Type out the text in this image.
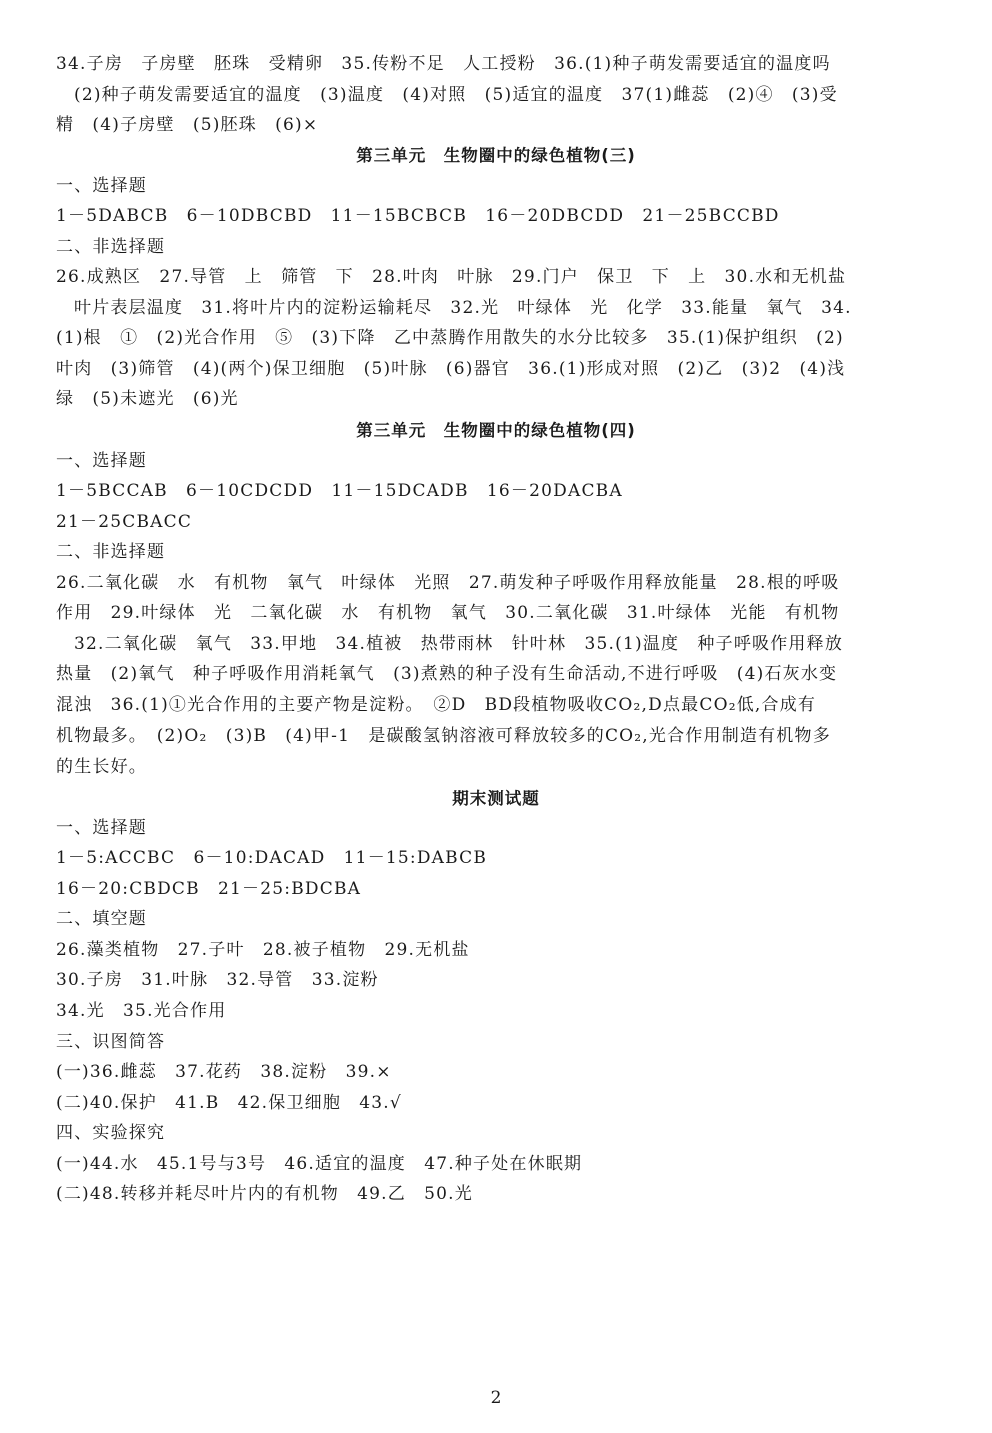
34.子房　子房壁　胚珠　受精卵　35.传粉不足　人工授粉　36.(1)种子萌发需要适宜的温度吗
(2)种子萌发需要适宜的温度　(3)温度　(4)对照　(5)适宜的温度　37(1)雌蕊　(2)④　(3)受
精　(4)子房壁　(5)胚珠　(6)×
第三单元　生物圈中的绿色植物(三)
一、选择题
1－5DABCB　6－10DBCBD　11－15BCBCB　16－20DBCDD　21－25BCCBD
二、非选择题
26.成熟区　27.导管　上　筛管　下　28.叶肉　叶脉　29.门户　保卫　下　上　30.水和无机盐
叶片表层温度　31.将叶片内的淀粉运输耗尽　32.光　叶绿体　光　化学　33.能量　氧气　34.
(1)根　①　(2)光合作用　⑤　(3)下降　乙中蒸腾作用散失的水分比较多　35.(1)保护组织　(2)
叶肉　(3)筛管　(4)(两个)保卫细胞　(5)叶脉　(6)器官　36.(1)形成对照　(2)乙　(3)2　(4)浅
绿　(5)未遮光　(6)光
第三单元　生物圈中的绿色植物(四)
一、选择题
1－5BCCAB　6－10CDCDD　11－15DCADB　16－20DACBA
21－25CBACC
二、非选择题
26.二氧化碳　水　有机物　氧气　叶绿体　光照　27.萌发种子呼吸作用释放能量　28.根的呼吸
作用　29.叶绿体　光　二氧化碳　水　有机物　氧气　30.二氧化碳　31.叶绿体　光能　有机物
32.二氧化碳　氧气　33.甲地　34.植被　热带雨林　针叶林　35.(1)温度　种子呼吸作用释放
热量　(2)氧气　种子呼吸作用消耗氧气　(3)煮熟的种子没有生命活动,不进行呼吸　(4)石灰水变
混浊　36.(1)①光合作用的主要产物是淀粉。　②D　BD段植物吸收CO₂,D点最CO₂低,合成有
机物最多。　(2)O₂　(3)B　(4)甲-1　是碳酸氢钠溶液可释放较多的CO₂,光合作用制造有机物多
的生长好。
期末测试题
一、选择题
1－5:ACCBC　6－10:DACAD　11－15:DABCB
16－20:CBDCB　21－25:BDCBA
二、填空题
26.藻类植物　27.子叶　28.被子植物　29.无机盐
30.子房　31.叶脉　32.导管　33.淀粉
34.光　35.光合作用
三、识图简答
(一)36.雌蕊　37.花药　38.淀粉　39.×
(二)40.保护　41.B　42.保卫细胞　43.√
四、实验探究
(一)44.水　45.1号与3号　46.适宜的温度　47.种子处在休眠期
(二)48.转移并耗尽叶片内的有机物　49.乙　50.光
2
